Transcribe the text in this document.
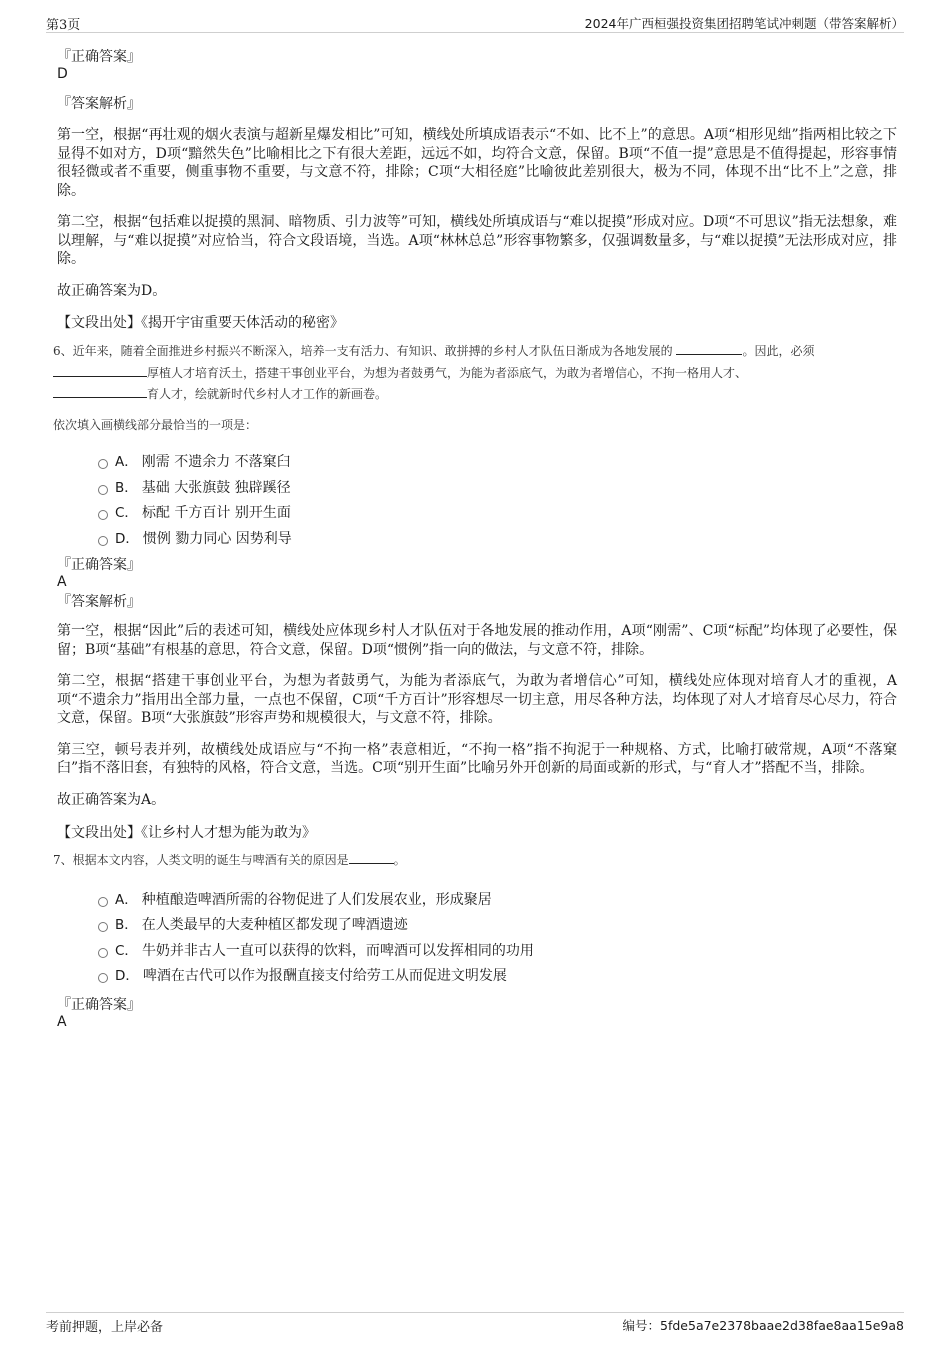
第3页	2024年广西桓强投资集团招聘笔试冲刺题（带答案解析）

『正确答案』

D

『答案解析』

第一空，根据“再壮观的烟火表演与超新星爆发相比”可知，横线处所填成语表示“不如、比不上”的意思。A项“相形见绌”指两相比较之下显得不如对方，D项“黯然失色”比喻相比之下有很大差距，远远不如，均符合文意，保留。B项“不值一提”意思是不值得提起，形容事情很轻微或者不重要，侧重事物不重要，与文意不符，排除；C项“大相径庭”比喻彼此差别很大，极为不同，体现不出“比不上”之意，排除。

第二空，根据“包括难以捉摸的黑洞、暗物质、引力波等”可知，横线处所填成语与“难以捉摸”形成对应。D项“不可思议”指无法想象，难以理解，与“难以捉摸”对应恰当，符合文段语境，当选。A项“林林总总”形容事物繁多，仅强调数量多，与“难以捉摸”无法形成对应，排除。

故正确答案为D。

【文段出处】《揭开宇宙重要天体活动的秘密》

6、近年来，随着全面推进乡村振兴不断深入，培养一支有活力、有知识、敢拼搏的乡村人才队伍日渐成为各地发展的	。因此，必须
厚植人才培育沃土，搭建干事创业平台，为想为者鼓勇气，为能为者添底气，为敢为者增信心，不拘一格用人才、
育人才，绘就新时代乡村人才工作的新画卷。

依次填入画横线部分最恰当的一项是：

A． 刚需 不遗余力 不落窠臼
B． 基础 大张旗鼓 独辟蹊径
C． 标配 千方百计 别开生面
D． 惯例 勠力同心 因势利导

『正确答案』

A

『答案解析』

第一空，根据“因此”后的表述可知，横线处应体现乡村人才队伍对于各地发展的推动作用，A项“刚需”、C项“标配”均体现了必要性，保留；B项“基础”有根基的意思，符合文意，保留。D项“惯例”指一向的做法，与文意不符，排除。

第二空，根据“搭建干事创业平台，为想为者鼓勇气，为能为者添底气，为敢为者增信心”可知，横线处应体现对培育人才的重视，A项“不遗余力”指用出全部力量，一点也不保留，C项“千方百计”形容想尽一切主意，用尽各种方法，均体现了对人才培育尽心尽力，符合文意，保留。B项“大张旗鼓”形容声势和规模很大，与文意不符，排除。

第三空，顿号表并列，故横线处成语应与“不拘一格”表意相近，“不拘一格”指不拘泥于一种规格、方式，比喻打破常规，A项“不落窠臼”指不落旧套，有独特的风格，符合文意，当选。C项“别开生面”比喻另外开创新的局面或新的形式，与“育人才”搭配不当，排除。

故正确答案为A。

【文段出处】《让乡村人才想为能为敢为》

7、根据本文内容，人类文明的诞生与啤酒有关的原因是	。

A． 种植酿造啤酒所需的谷物促进了人们发展农业，形成聚居
B． 在人类最早的大麦种植区都发现了啤酒遗迹
C． 牛奶并非古人一直可以获得的饮料，而啤酒可以发挥相同的功用
D． 啤酒在古代可以作为报酬直接支付给劳工从而促进文明发展

『正确答案』

A

考前押题，上岸必备	编号：5fde5a7e2378baae2d38fae8aa15e9a8
